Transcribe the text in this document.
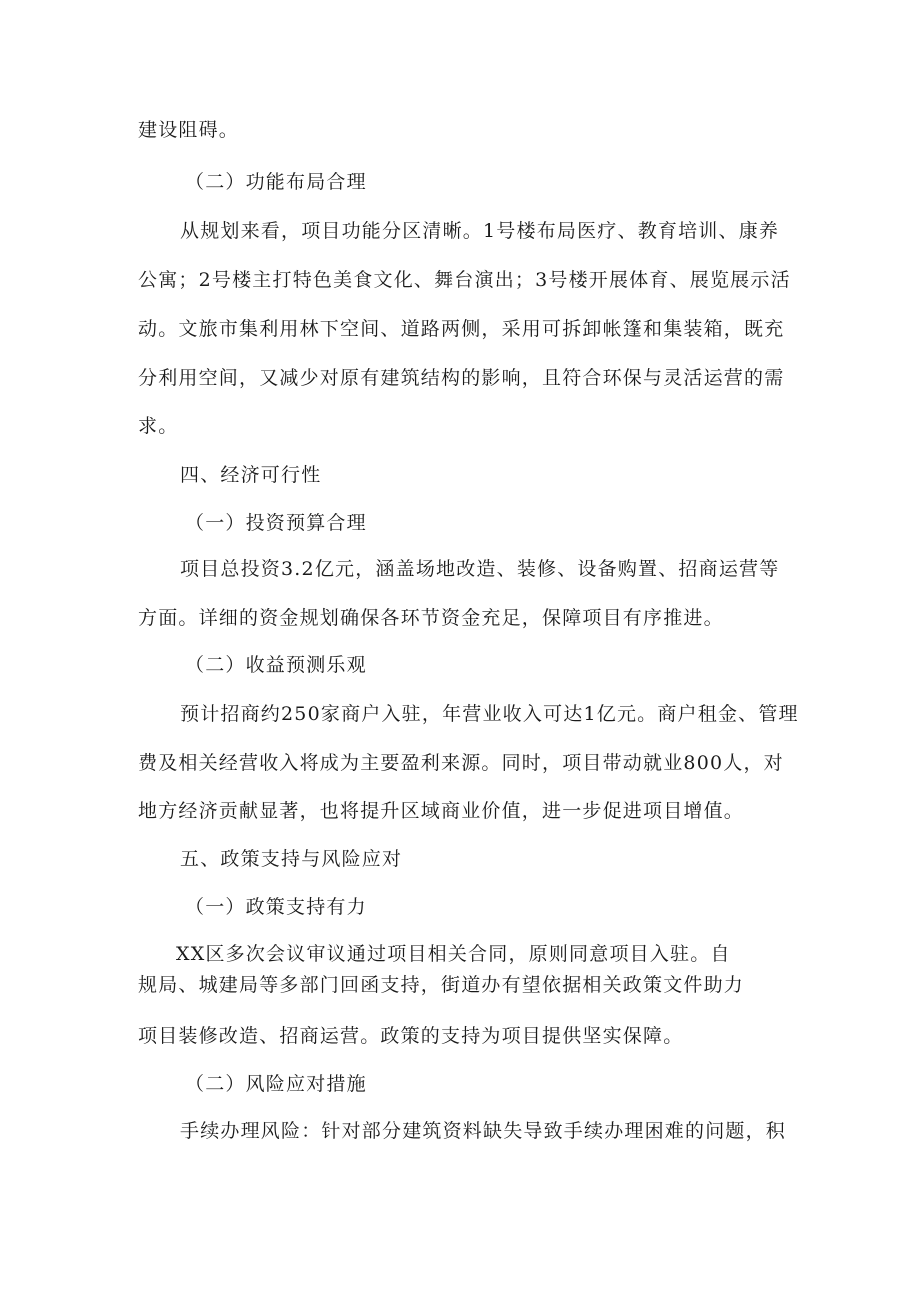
建设阻碍。
（二）功能布局合理
从规划来看，项目功能分区清晰。1号楼布局医疗、教育培训、康养
公寓；2号楼主打特色美食文化、舞台演出；3号楼开展体育、展览展示活
动。文旅市集利用林下空间、道路两侧，采用可拆卸帐篷和集装箱，既充
分利用空间，又减少对原有建筑结构的影响，且符合环保与灵活运营的需
求。
四、经济可行性
（一）投资预算合理
项目总投资3.2亿元，涵盖场地改造、装修、设备购置、招商运营等
方面。详细的资金规划确保各环节资金充足，保障项目有序推进。
（二）收益预测乐观
预计招商约250家商户入驻，年营业收入可达1亿元。商户租金、管理
费及相关经营收入将成为主要盈利来源。同时，项目带动就业800人，对
地方经济贡献显著，也将提升区域商业价值，进一步促进项目增值。
五、政策支持与风险应对
（一）政策支持有力
XX区多次会议审议通过项目相关合同，原则同意项目入驻。自
规局、城建局等多部门回函支持，街道办有望依据相关政策文件助力
项目装修改造、招商运营。政策的支持为项目提供坚实保障。
（二）风险应对措施
手续办理风险：针对部分建筑资料缺失导致手续办理困难的问题，积
